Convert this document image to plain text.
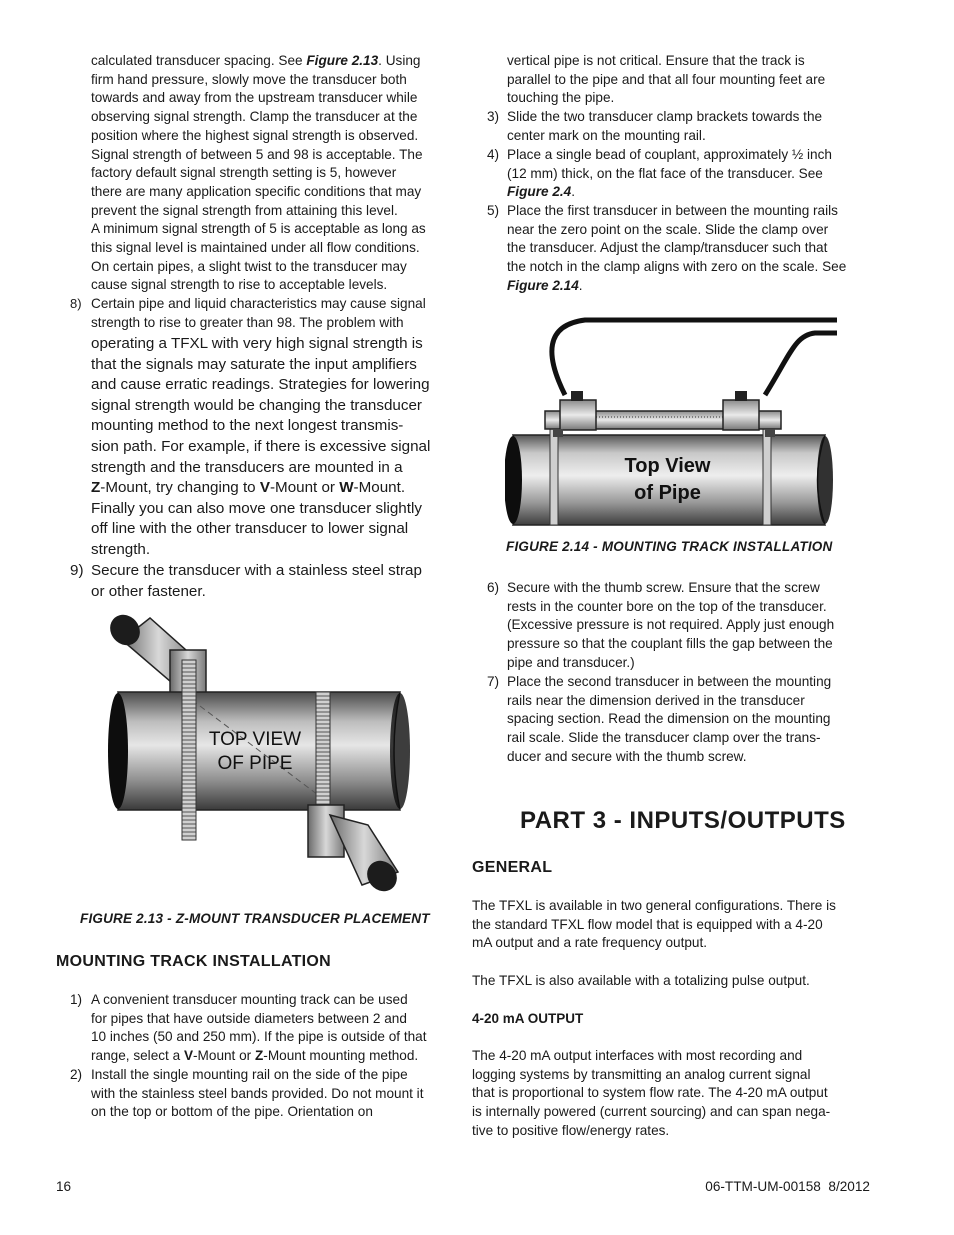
calculated transducer spacing. See Figure 2.13. Using
firm hand pressure, slowly move the transducer both
towards and away from the upstream transducer while
observing signal strength. Clamp the transducer at the
position where the highest signal strength is observed.
Signal strength of between 5 and 98 is acceptable. The
factory default signal strength setting is 5, however
there are many application specific conditions that may
prevent the signal strength from attaining this level.
A minimum signal strength of 5 is acceptable as long as
this signal level is maintained under all flow conditions.
On certain pipes, a slight twist to the transducer may
cause signal strength to rise to acceptable levels.
8) Certain pipe and liquid characteristics may cause signal
strength to rise to greater than 98. The problem with
operating a TFXL with very high signal strength is
that the signals may saturate the input amplifiers
and cause erratic readings. Strategies for lowering
signal strength would be changing the transducer
mounting method to the next longest transmis-
sion path. For example, if there is excessive signal
strength and the transducers are mounted in a
Z-Mount, try changing to V-Mount or W-Mount.
Finally you can also move one transducer slightly
off line with the other transducer to lower signal
strength.
9) Secure the transducer with a stainless steel strap
or other fastener.
TOP VIEW
OF PIPE
FIGURE 2.13 - Z-MOUNT TRANSDUCER PLACEMENT
MOUNTING TRACK INSTALLATION
1) A convenient transducer mounting track can be used
for pipes that have outside diameters between 2 and
10 inches (50 and 250 mm). If the pipe is outside of that
range, select a V-Mount or Z-Mount mounting method.
2) Install the single mounting rail on the side of the pipe
with the stainless steel bands provided. Do not mount it
on the top or bottom of the pipe. Orientation on
vertical pipe is not critical. Ensure that the track is
parallel to the pipe and that all four mounting feet are
touching the pipe.
3) Slide the two transducer clamp brackets towards the
center mark on the mounting rail.
4) Place a single bead of couplant, approximately ½ inch
(12 mm) thick, on the flat face of the transducer. See
Figure 2.4.
5) Place the first transducer in between the mounting rails
near the zero point on the scale. Slide the clamp over
the transducer. Adjust the clamp/transducer such that
the notch in the clamp aligns with zero on the scale. See
Figure 2.14.
Top View
of Pipe
FIGURE 2.14 - MOUNTING TRACK INSTALLATION
6) Secure with the thumb screw. Ensure that the screw
rests in the counter bore on the top of the transducer.
(Excessive pressure is not required. Apply just enough
pressure so that the couplant fills the gap between the
pipe and transducer.)
7) Place the second transducer in between the mounting
rails near the dimension derived in the transducer
spacing section. Read the dimension on the mounting
rail scale. Slide the transducer clamp over the trans-
ducer and secure with the thumb screw.
PART 3 - INPUTS/OUTPUTS
GENERAL
The TFXL is available in two general configurations. There is
the standard TFXL flow model that is equipped with a 4-20
mA output and a rate frequency output.
The TFXL is also available with a totalizing pulse output.
4-20 mA OUTPUT
The 4-20 mA output interfaces with most recording and
logging systems by transmitting an analog current signal
that is proportional to system flow rate. The 4-20 mA output
is internally powered (current sourcing) and can span nega-
tive to positive flow/energy rates.
16	06-TTM-UM-00158  8/2012
